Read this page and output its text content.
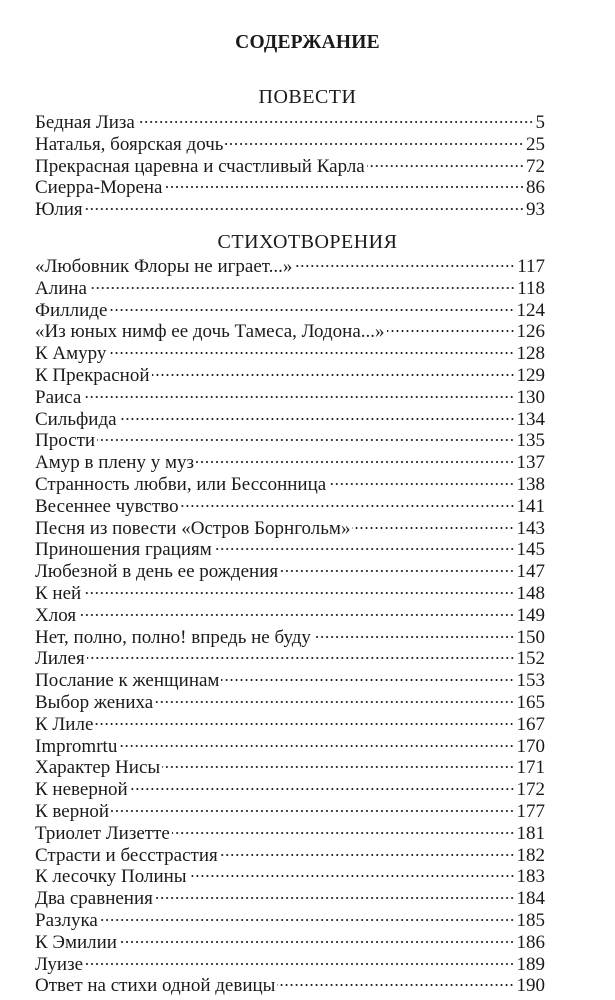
СОДЕРЖАНИЕ
ПОВЕСТИ
Бедная Лиза	5
Наталья, боярская дочь	25
Прекрасная царевна и счастливый Карла	72
Сиерра-Морена	86
Юлия	93
СТИХОТВОРЕНИЯ
«Любовник Флоры не играет...»	117
Алина	118
Филлиде	124
«Из юных нимф ее дочь Тамеса, Лодона...»	126
К Амуру	128
К Прекрасной	129
Раиса	130
Сильфида	134
Прости	135
Амур в плену у муз	137
Странность любви, или Бессонница	138
Весеннее чувство	141
Песня из повести «Остров Борнгольм»	143
Приношения грациям	145
Любезной в день ее рождения	147
К ней	148
Хлоя	149
Нет, полно, полно! впредь не буду	150
Лилея	152
Послание к женщинам	153
Выбор жениха	165
К Лиле	167
Impromrtu	170
Характер Нисы	171
К неверной	172
К верной	177
Триолет Лизетте	181
Страсти и бесстрастия	182
К лесочку Полины	183
Два сравнения	184
Разлука	185
К Эмилии	186
Луизе	189
Ответ на стихи одной девицы	190
